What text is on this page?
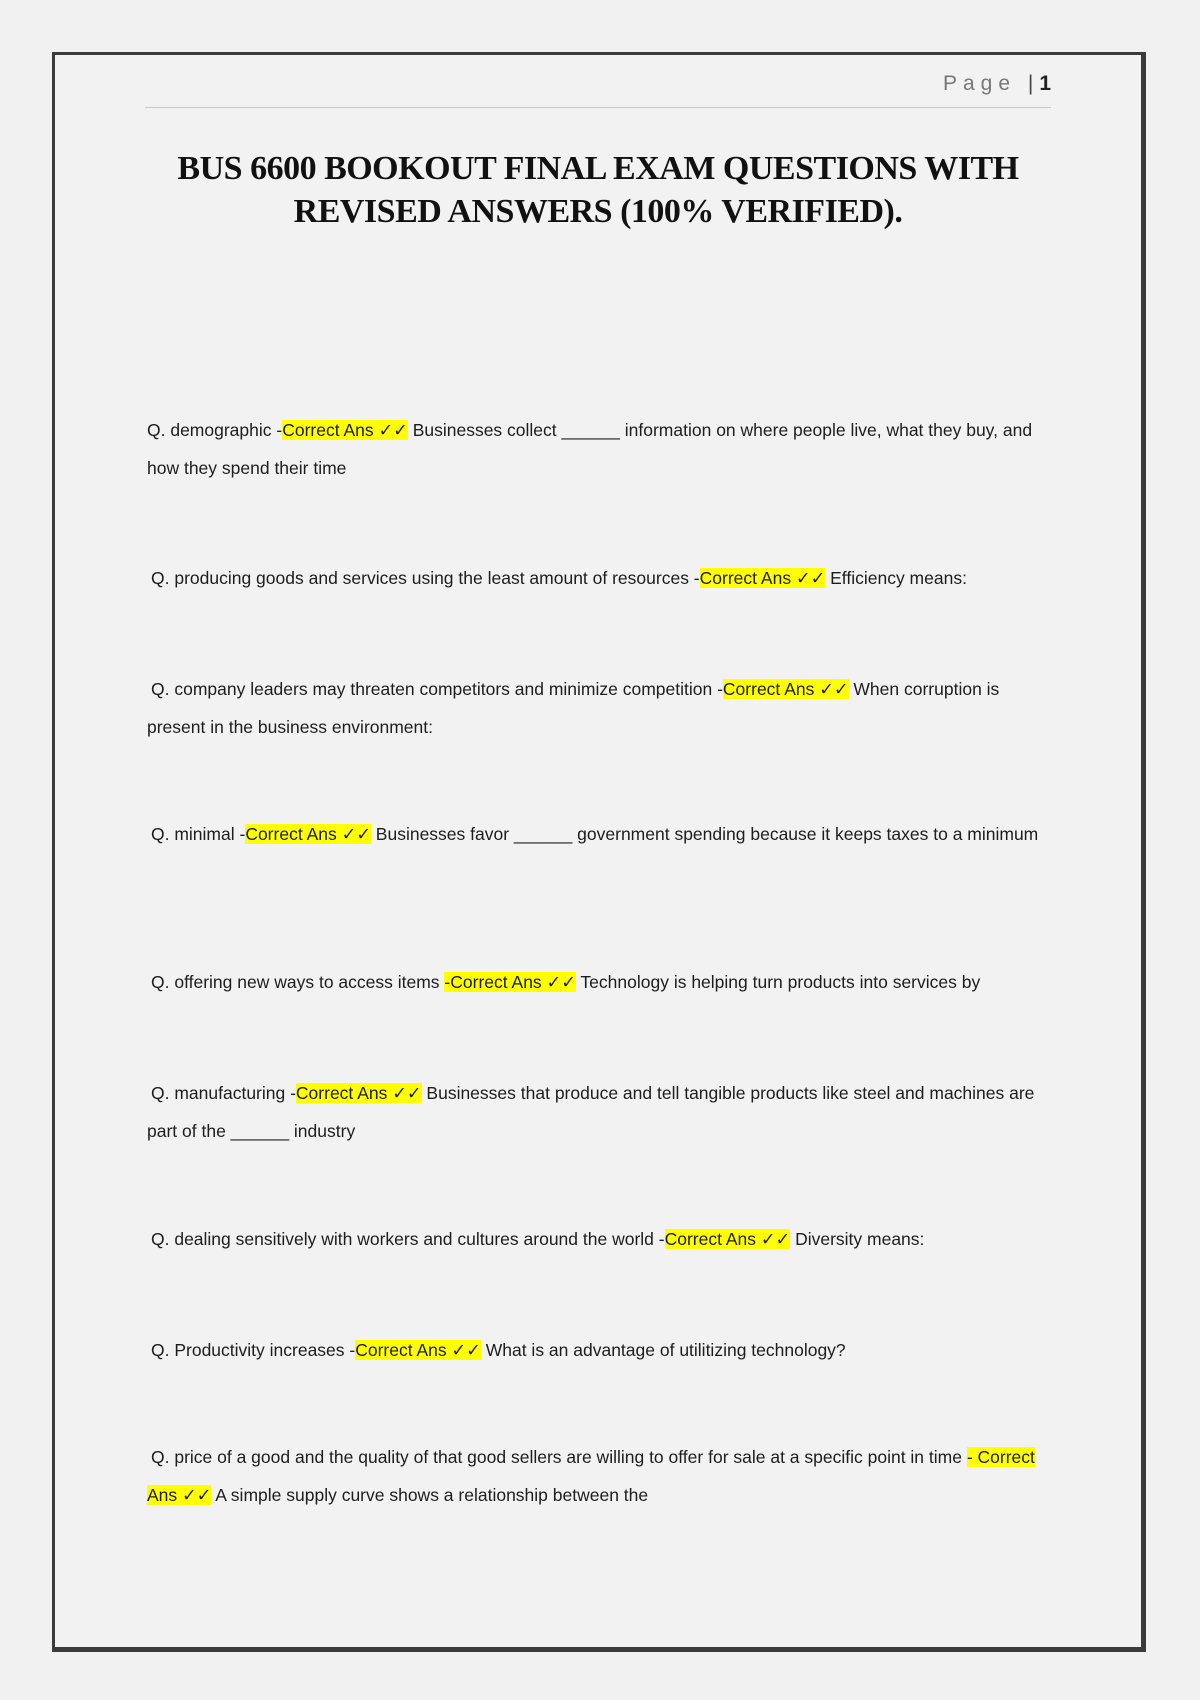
Page | 1
BUS 6600 BOOKOUT FINAL EXAM QUESTIONS WITH REVISED ANSWERS (100% VERIFIED).

Q. demographic -Correct Ans ✓✓ Businesses collect ______ information on where people live, what they buy, and how they spend their time

Q. producing goods and services using the least amount of resources -Correct Ans ✓✓ Efficiency means:

Q. company leaders may threaten competitors and minimize competition -Correct Ans ✓✓ When corruption is present in the business environment:

Q. minimal -Correct Ans ✓✓ Businesses favor ______ government spending because it keeps taxes to a minimum

Q. offering new ways to access items -Correct Ans ✓✓ Technology is helping turn products into services by

Q. manufacturing -Correct Ans ✓✓ Businesses that produce and tell tangible products like steel and machines are part of the ______ industry

Q. dealing sensitively with workers and cultures around the world -Correct Ans ✓✓ Diversity means:

Q. Productivity increases -Correct Ans ✓✓ What is an advantage of utilitizing technology?

Q. price of a good and the quality of that good sellers are willing to offer for sale at a specific point in time - Correct Ans ✓✓ A simple supply curve shows a relationship between the
